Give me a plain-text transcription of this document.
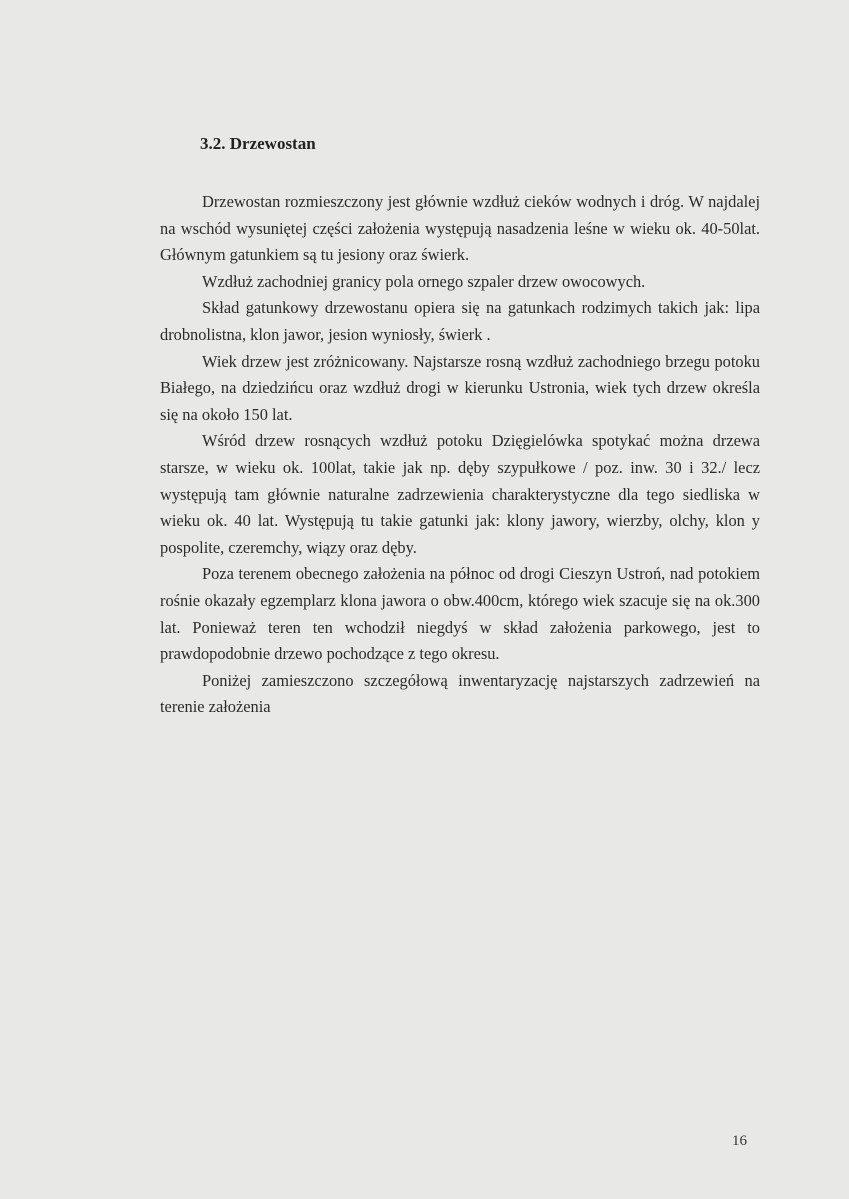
3.2. Drzewostan

Drzewostan rozmieszczony jest głównie wzdłuż cieków wodnych i dróg. W najdalej na wschód wysuniętej części założenia występują nasadzenia leśne w wieku ok. 40-50lat. Głównym gatunkiem są tu jesiony oraz świerk.

Wzdłuż zachodniej granicy pola ornego szpaler drzew owocowych.

Skład gatunkowy drzewostanu opiera się na gatunkach rodzimych takich jak: lipa drobnolistna, klon jawor, jesion wyniosły, świerk .

Wiek drzew jest zróżnicowany. Najstarsze rosną wzdłuż zachodniego brzegu potoku Białego, na dziedzińcu oraz wzdłuż drogi w kierunku Ustronia, wiek tych drzew określa się na około 150 lat.

Wśród drzew rosnących wzdłuż potoku Dzięgielówka spotykać można drzewa starsze, w wieku ok. 100lat, takie jak np. dęby szypułkowe / poz. inw. 30 i 32./ lecz występują tam głównie naturalne zadrzewienia charakterystyczne dla tego siedliska w wieku ok. 40 lat. Występują tu takie gatunki jak: klony jawory, wierzby, olchy, klon y pospolite, czeremchy, wiązy oraz dęby.

Poza terenem obecnego założenia na północ od drogi Cieszyn Ustroń, nad potokiem rośnie okazały egzemplarz klona jawora o obw.400cm, którego wiek szacuje się na ok.300 lat. Ponieważ teren ten wchodził niegdyś w skład założenia parkowego, jest to prawdopodobnie drzewo pochodzące z tego okresu.

Poniżej zamieszczono szczegółową inwentaryzację najstarszych zadrzewień na terenie założenia

16
